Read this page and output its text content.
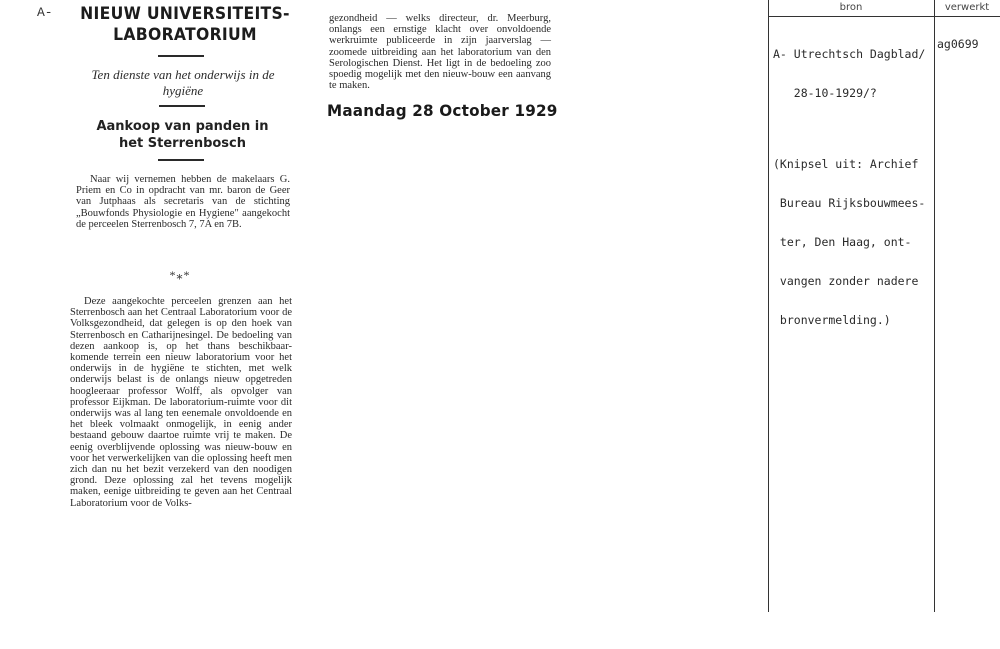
A- NIEUW UNIVERSITEITS-
LABORATORIUM
Ten dienste van het onderwijs in de
hygiëne
Aankoop van panden in
het Sterrenbosch
Naar wij vernemen hebben de makelaars G. Priem en Co in opdracht van mr. baron de Geer van Jutphaas als secretaris van de stichting „Bouwfonds Physiologie en Hygiene" aangekocht de perceelen Sterrenbosch 7, 7A en 7B.
*⁎*
Deze aangekochte perceelen grenzen aan het Sterrenbosch aan het Centraal Laboratorium voor de Volksgezondheid, dat gelegen is op den hoek van Sterrenbosch en Catharijnesingel. De bedoeling van dezen aankoop is, op het thans beschikbaar-komende terrein een nieuw laboratorium voor het onderwijs in de hygiëne te stichten, met welk onderwijs belast is de onlangs nieuw opgetreden hoogleeraar professor Wolff, als opvolger van professor Eijkman. De laboratorium-ruimte voor dit onderwijs was al lang ten eenemale onvoldoende en het bleek volmaakt onmogelijk, in eenig ander bestaand gebouw daartoe ruimte vrij te maken. De eenig overblijvende oplossing was nieuw-bouw en voor het verwerkelijken van die oplossing heeft men zich dan nu het bezit verzekerd van den noodigen grond. Deze oplossing zal het tevens mogelijk maken, eenige uitbreiding te geven aan het Centraal Laboratorium voor de Volks-
gezondheid — welks directeur, dr. Meerburg, onlangs een ernstige klacht over onvoldoende werkruimte publiceerde in zijn jaarverslag — zoomede uitbreiding aan het laboratorium van den Serologischen Dienst. Het ligt in de bedoeling zoo spoedig mogelijk met den nieuw-bouw een aanvang te maken.
Maandag 28 October 1929
bron	verwerkt

A- Utrechtsch Dagblad/

28-10-1929/?

(Knipsel uit: Archief

Bureau Rijksbouwmees-

ter, Den Haag, ont-

vangen zonder nadere

bronvermelding.)

ag0699
